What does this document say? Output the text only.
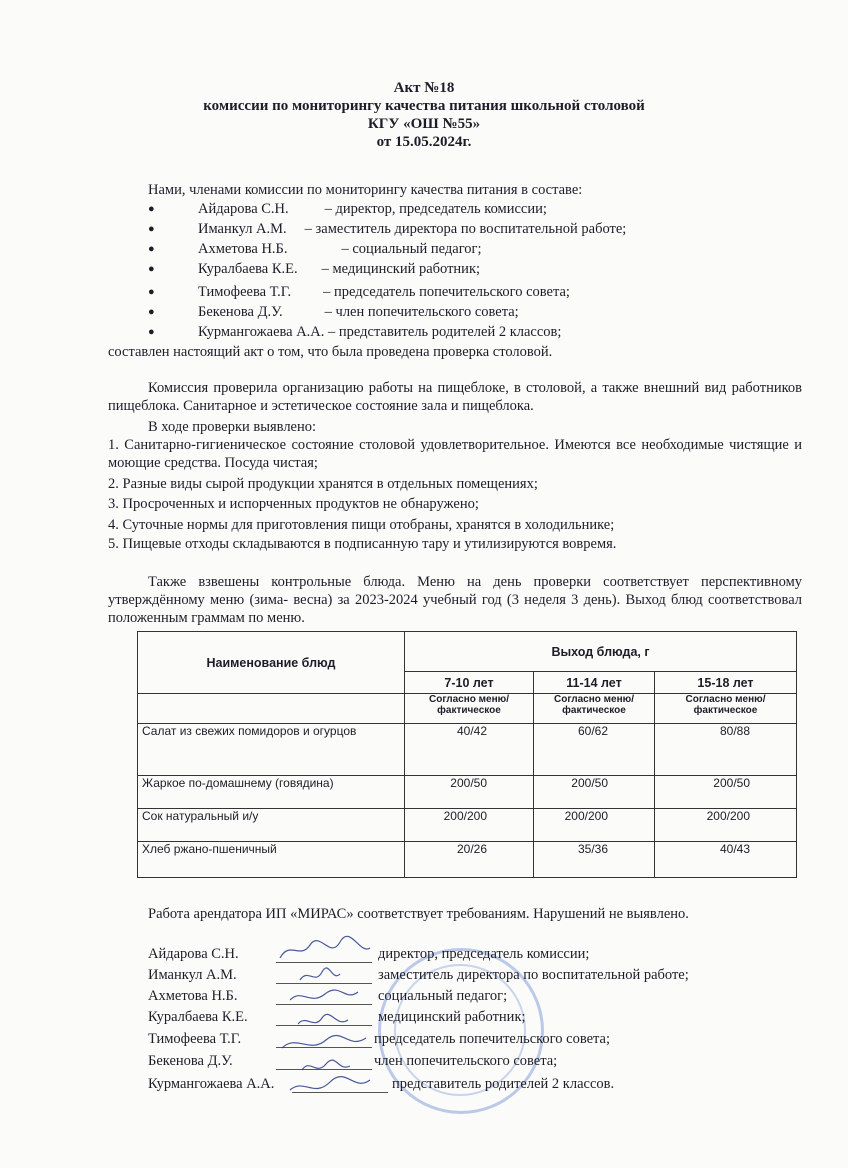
Акт №18
комиссии по мониторингу качества питания школьной столовой
КГУ «ОШ №55»
от 15.05.2024г.
Нами, членами комиссии по мониторингу качества питания в составе:
●	Айдарова С.Н. – директор, председатель комиссии;
●	Иманкул А.М. – заместитель директора по воспитательной работе;
●	Ахметова Н.Б.	– социальный педагог;
●	Куралбаева К.Е. – медицинский работник;
●	Тимофеева Т.Г. – председатель попечительского совета;
●	Бекенова Д.У.	– член попечительского совета;
●	Курмангожаева А.А. – представитель родителей 2 классов;
составлен настоящий акт о том, что была проведена проверка столовой.
Комиссия проверила организацию работы на пищеблоке, в столовой, а также внешний вид работников пищеблока. Санитарное и эстетическое состояние зала и пищеблока.
В ходе проверки выявлено:
1. Санитарно-гигиеническое состояние столовой удовлетворительное. Имеются все необходимые чистящие и моющие средства. Посуда чистая;
2. Разные виды сырой продукции хранятся в отдельных помещениях;
3. Просроченных и испорченных продуктов не обнаружено;
4. Суточные нормы для приготовления пищи отобраны, хранятся в холодильнике;
5. Пищевые отходы складываются в подписанную тару и утилизируются вовремя.
Также взвешены контрольные блюда. Меню на день проверки соответствует перспективному утверждённому меню (зима- весна) за 2023-2024 учебный год (3 неделя 3 день). Выход блюд соответствовал положенным граммам по меню.
Наименование блюд	Выход блюда, г		
	7-10 лет	11-14 лет	15-18 лет
	Согласно меню/ фактическое	Согласно меню/ фактическое	Согласно меню/ фактическое
Салат из свежих помидоров и огурцов	40/42	60/62	80/88
Жаркое по-домашнему (говядина)	200/50	200/50	200/50
Сок натуральный и/у	200/200	200/200	200/200
Хлеб ржано-пшеничный	20/26	35/36	40/43
Работа арендатора ИП «МИРАС» соответствует требованиям. Нарушений не выявлено.
Айдарова С.Н.	директор, председатель комиссии;
Иманкул А.М.	заместитель директора по воспитательной работе;
Ахметова Н.Б.	социальный педагог;
Куралбаева К.Е.	медицинский работник;
Тимофеева Т.Г.	председатель попечительского совета;
Бекенова Д.У.	член попечительского совета;
Курмангожаева А.А.	представитель родителей 2 классов.
